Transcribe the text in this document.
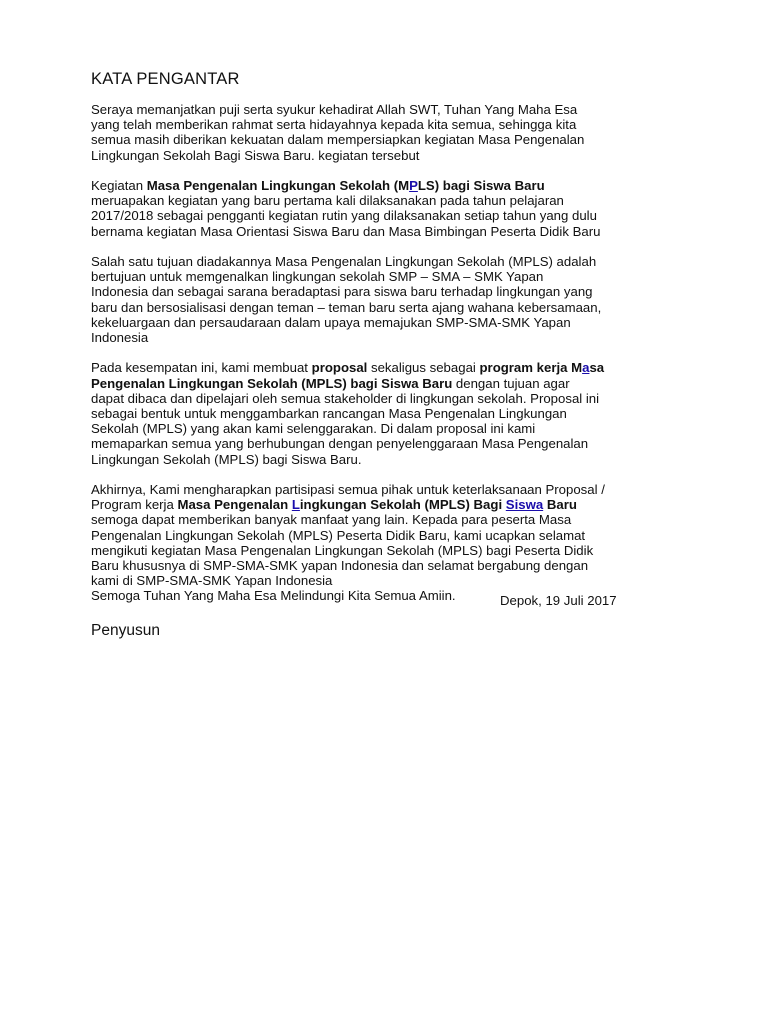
KATA PENGANTAR

Seraya memanjatkan puji serta syukur kehadirat Allah SWT, Tuhan Yang Maha Esa
yang telah memberikan rahmat serta hidayahnya kepada kita semua, sehingga kita
semua masih diberikan kekuatan dalam mempersiapkan kegiatan Masa Pengenalan
Lingkungan Sekolah Bagi Siswa Baru. kegiatan tersebut

Kegiatan Masa Pengenalan Lingkungan Sekolah (MPLS) bagi Siswa Baru
meruapakan kegiatan yang baru pertama kali dilaksanakan pada tahun pelajaran
2017/2018 sebagai pengganti kegiatan rutin yang dilaksanakan setiap tahun yang dulu
bernama kegiatan Masa Orientasi Siswa Baru dan Masa Bimbingan Peserta Didik Baru

Salah satu tujuan diadakannya Masa Pengenalan Lingkungan Sekolah (MPLS) adalah
bertujuan untuk memgenalkan lingkungan sekolah SMP – SMA – SMK Yapan
Indonesia dan sebagai sarana beradaptasi para siswa baru terhadap lingkungan yang
baru dan bersosialisasi dengan teman – teman baru serta ajang wahana kebersamaan,
kekeluargaan dan persaudaraan dalam upaya memajukan SMP-SMA-SMK Yapan
Indonesia

Pada kesempatan ini, kami membuat proposal sekaligus sebagai program kerja Masa
Pengenalan Lingkungan Sekolah (MPLS) bagi Siswa Baru dengan tujuan agar
dapat dibaca dan dipelajari oleh semua stakeholder di lingkungan sekolah. Proposal ini
sebagai bentuk untuk menggambarkan rancangan Masa Pengenalan Lingkungan
Sekolah (MPLS) yang akan kami selenggarakan. Di dalam proposal ini kami
memaparkan semua yang berhubungan dengan penyelenggaraan Masa Pengenalan
Lingkungan Sekolah (MPLS) bagi Siswa Baru.

Akhirnya, Kami mengharapkan partisipasi semua pihak untuk keterlaksanaan Proposal /
Program kerja Masa Pengenalan Lingkungan Sekolah (MPLS) Bagi Siswa Baru
semoga dapat memberikan banyak manfaat yang lain. Kepada para peserta Masa
Pengenalan Lingkungan Sekolah (MPLS) Peserta Didik Baru, kami ucapkan selamat
mengikuti kegiatan Masa Pengenalan Lingkungan Sekolah (MPLS) bagi Peserta Didik
Baru khususnya di SMP-SMA-SMK yapan Indonesia dan selamat bergabung dengan
kami di SMP-SMA-SMK Yapan Indonesia
Semoga Tuhan Yang Maha Esa Melindungi Kita Semua Amiin.	Depok, 19 Juli 2017
Penyusun
